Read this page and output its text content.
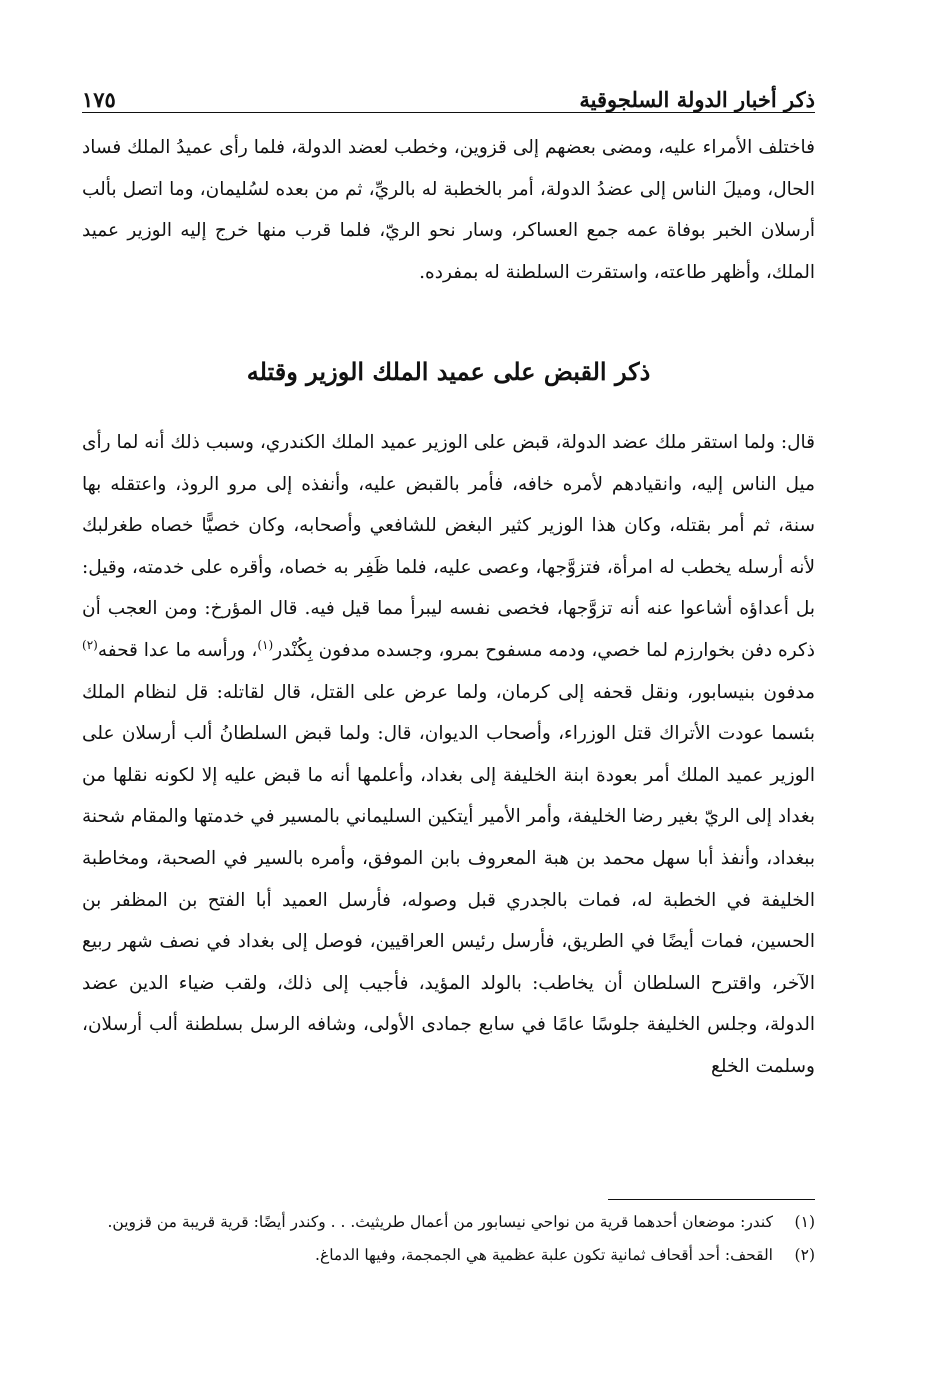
ذكر أخبار الدولة السلجوقية
١٧٥

فاختلف الأمراء عليه، ومضى بعضهم إلى قزوين، وخطب لعضد الدولة، فلما رأى عميدُ الملك فساد الحال، وميلَ الناس إلى عضدُ الدولة، أمر بالخطبة له بالريِّ، ثم من بعده لسُليمان، وما اتصل بألب أرسلان الخبر بوفاة عمه جمع العساكر، وسار نحو الريّ، فلما قرب منها خرج إليه الوزير عميد الملك، وأظهر طاعته، واستقرت السلطنة له بمفرده.

ذكر القبض على عميد الملك الوزير وقتله

قال: ولما استقر ملك عضد الدولة، قبض على الوزير عميد الملك الكندري، وسبب ذلك أنه لما رأى ميل الناس إليه، وانقيادهم لأمره خافه، فأمر بالقبض عليه، وأنفذه إلى مرو الروذ، واعتقله بها سنة، ثم أمر بقتله، وكان هذا الوزير كثير البغض للشافعي وأصحابه، وكان خصيًّا خصاه طغرلبك لأنه أرسله يخطب له امرأة، فتزوَّجها، وعصى عليه، فلما ظَفِر به خصاه، وأقره على خدمته، وقيل: بل أعداؤه أشاعوا عنه أنه تزوَّجها، فخصى نفسه ليبرأ مما قيل فيه. قال المؤرخ: ومن العجب أن ذكره دفن بخوارزم لما خصي، ودمه مسفوح بمرو، وجسده مدفون بِكُنْدر$^{(١)}$، ورأسه ما عدا قحفه$^{(٢)}$ مدفون بنيسابور، ونقل قحفه إلى كرمان، ولما عرض على القتل، قال لقاتله: قل لنظام الملك بئسما عودت الأتراك قتل الوزراء، وأصحاب الديوان، قال: ولما قبض السلطانُ ألب أرسلان على الوزير عميد الملك أمر بعودة ابنة الخليفة إلى بغداد، وأعلمها أنه ما قبض عليه إلا لكونه نقلها من بغداد إلى الريّ بغير رضا الخليفة، وأمر الأمير أيتكين السليماني بالمسير في خدمتها والمقام شحنة ببغداد، وأنفذ أبا سهل محمد بن هبة المعروف بابن الموفق، وأمره بالسير في الصحبة، ومخاطبة الخليفة في الخطبة له، فمات بالجدري قبل وصوله، فأرسل العميد أبا الفتح بن المظفر بن الحسين، فمات أيضًا في الطريق، فأرسل رئيس العراقيين، فوصل إلى بغداد في نصف شهر ربيع الآخر، واقترح السلطان أن يخاطب: بالولد المؤيد، فأجيب إلى ذلك، ولقب ضياء الدين عضد الدولة، وجلس الخليفة جلوسًا عامًا في سابع جمادى الأولى، وشافه الرسل بسلطنة ألب أرسلان، وسلمت الخلع

(١)
كندر: موضعان أحدهما قرية من نواحي نيسابور من أعمال طريثيث. . . وكندر أيضًا: قرية قريبة من قزوين.
(٢)
القحف: أحد أقحاف ثمانية تكون علبة عظمية هي الجمجمة، وفيها الدماغ.
